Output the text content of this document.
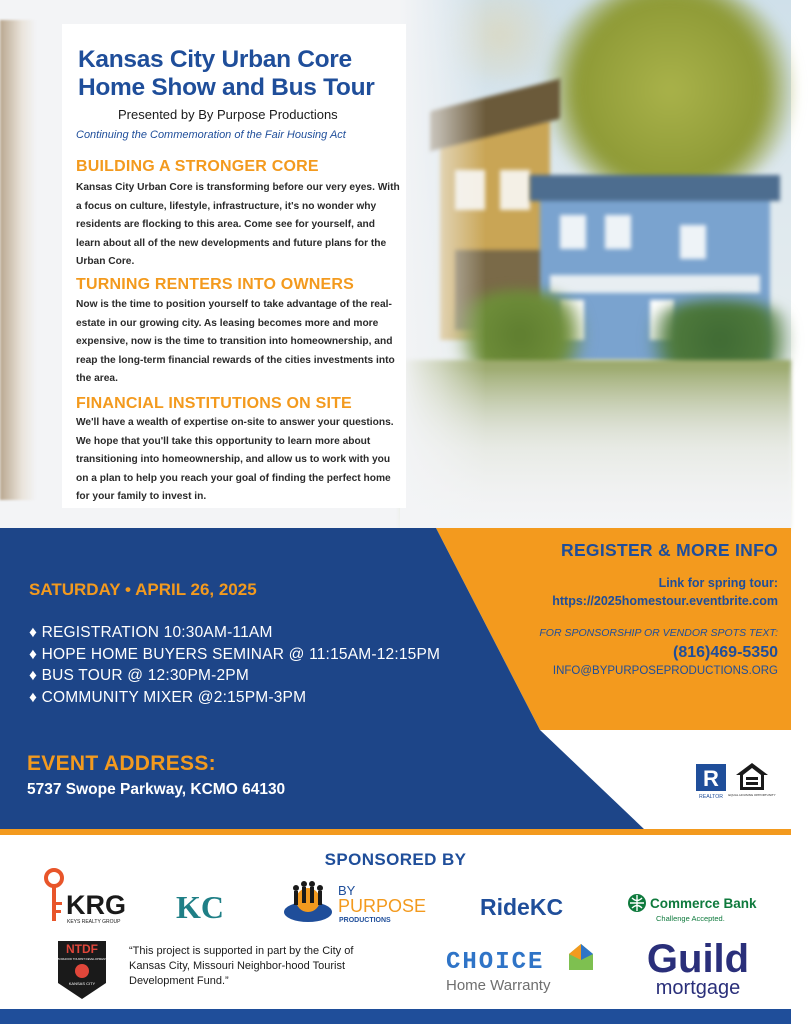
Kansas City Urban Core
Home Show and Bus Tour
Presented by By Purpose Productions
Continuing the Commemoration of the Fair Housing Act
BUILDING A STRONGER CORE
Kansas City Urban Core is transforming before our very eyes. With a focus on culture, lifestyle, infrastructure, it's no wonder why residents are flocking to this area. Come see for yourself, and learn about all of the new developments and future plans for the Urban Core.
TURNING RENTERS INTO OWNERS
Now is the time to position yourself to take advantage of the real-estate in our growing city. As leasing becomes more and more expensive, now is the time to transition into homeownership, and reap the long-term financial rewards of the cities investments into the area.
FINANCIAL INSTITUTIONS ON SITE
We'll have a wealth of expertise on-site to answer your questions. We hope that you'll take this opportunity to learn more about transitioning into homeownership, and allow us to work with you on a plan to help you reach your goal of finding the perfect home for your family to invest in.
SATURDAY • APRIL 26, 2025
♦ REGISTRATION 10:30AM-11AM
♦ HOPE HOME BUYERS SEMINAR @ 11:15AM-12:15PM
♦ BUS TOUR @ 12:30PM-2PM
♦ COMMUNITY MIXER @2:15PM-3PM
EVENT ADDRESS:
5737 Swope Parkway, KCMO 64130
REGISTER & MORE INFO
Link for spring tour:
https://2025homestour.eventbrite.com
FOR SPONSORSHIP OR VENDOR SPOTS TEXT:
(816)469-5350
INFO@BYPURPOSEPRODUCTIONS.ORG
R
REALTOR EQUAL HOUSING OPPORTUNITY
SPONSORED BY
KRG
KEYS REALTY GROUP KC	BY
PURPOSE
PRODUCTIONS
RideKC	Commerce Bank
Challenge Accepted.
NTDF
NEIGHBORHOOD TOURIST DEVELOPMENT FUND
KANSAS CITY
“This project is supported in part by the City of Kansas City, Missouri Neighbor-hood Tourist Development Fund.”
CHOICE
Home Warranty
Guild
mortgage
